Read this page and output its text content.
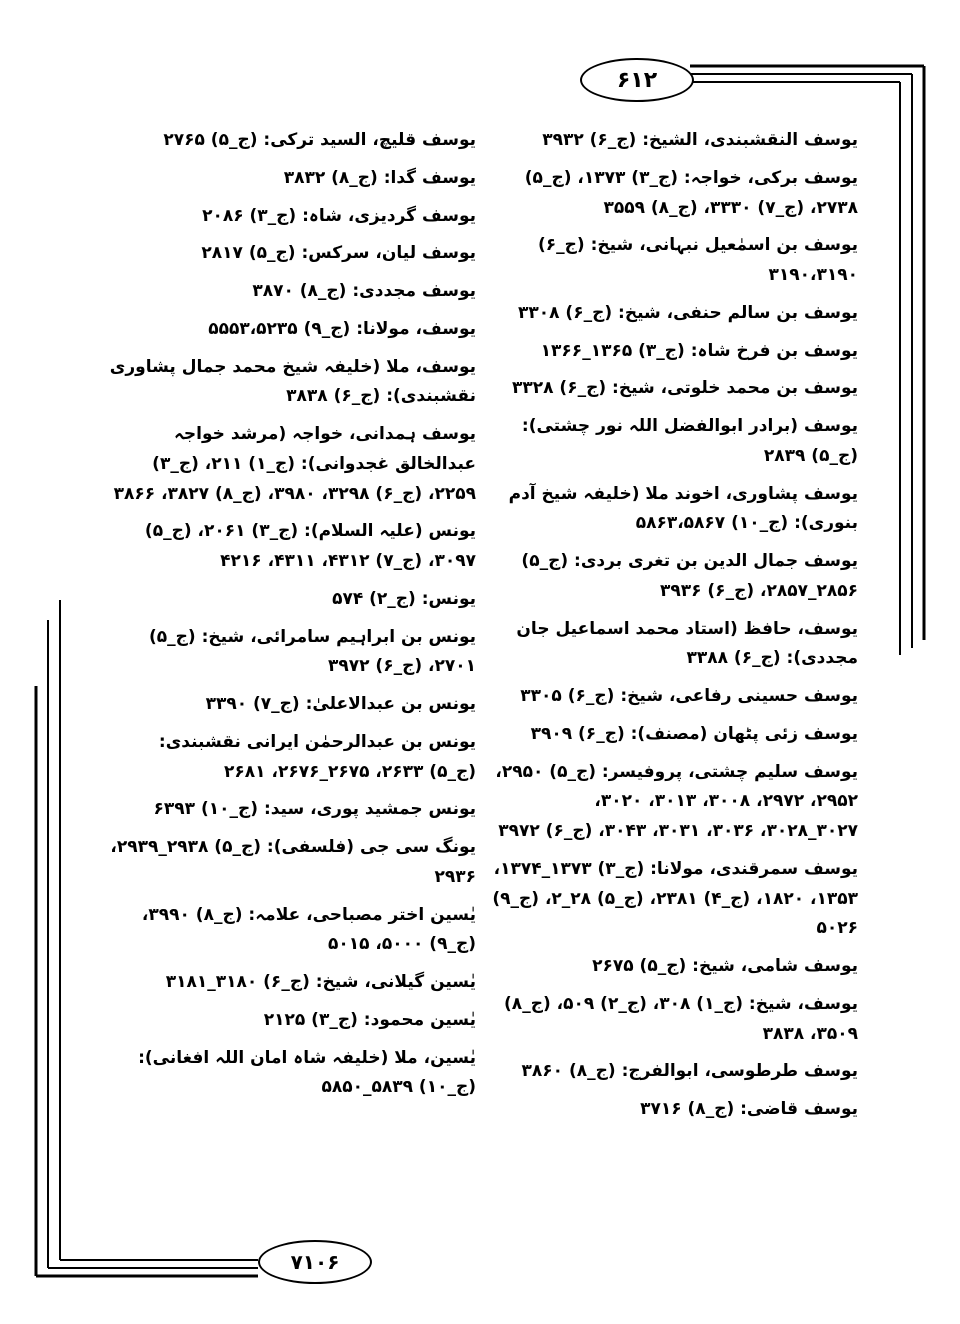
۶۱۲
۷۱۰۶

یوسف النقشبندی، الشیخ: (ج_۶) ۳۹۳۲

یوسف برکی، خواجہ: (ج_۳) ۱۳۷۳، (ج_۵) ۲۷۳۸، (ج_۷) ۳۳۳۰، (ج_۸) ۳۵۵۹

یوسف بن اسمٰعیل نبہانی، شیخ: (ج_۶) ۳۱۹۰،۳۱۹۰

یوسف بن سالم حنفی، شیخ: (ج_۶) ۳۳۰۸

یوسف بن فرخ شاہ: (ج_۳) ۱۳۶۵_۱۳۶۶

یوسف بن محمد خلوتی، شیخ: (ج_۶) ۳۳۲۸

یوسف (برادر ابوالفضل اللہ نور چشتی): (ج_۵) ۲۸۳۹

یوسف پشاوری، اخوند ملا (خلیفہ شیخ آدم بنوری): (ج_۱۰) ۵۸۶۳،۵۸۶۷

یوسف جمال الدین بن تغری بردی: (ج_۵) ۲۸۵۶_۲۸۵۷، (ج_۶) ۳۹۳۶

یوسف، حافظ (استاد محمد اسماعیل جان مجددی): (ج_۶) ۳۳۸۸

یوسف حسینی رفاعی، شیخ: (ج_۶) ۳۳۰۵

یوسف زئی پٹھان (مصنف): (ج_۶) ۳۹۰۹

یوسف سلیم چشتی، پروفیسر: (ج_۵) ۲۹۵۰، ۲۹۵۲، ۲۹۷۲، ۳۰۰۸، ۳۰۱۳، ۳۰۲۰، ۳۰۲۷_۳۰۲۸، ۳۰۳۶، ۳۰۳۱، ۳۰۴۳، (ج_۶) ۳۹۷۲

یوسف سمرقندی، مولانا: (ج_۳) ۱۳۷۳_۱۳۷۴، ۱۳۵۳، ۱۸۲۰، (ج_۴) ۲۳۸۱، (ج_۵) ۲۸_۲، (ج_۹) ۵۰۲۶

یوسف شامی، شیخ: (ج_۵) ۲۶۷۵

یوسف، شیخ: (ج_۱) ۳۰۸، (ج_۲) ۵۰۹، (ج_۸) ۳۵۰۹، ۳۸۳۸

یوسف طرطوسی، ابوالفرج: (ج_۸) ۳۸۶۰

یوسف قاضی: (ج_۸) ۳۷۱۶

یوسف قلیچ، السید ترکی: (ج_۵) ۲۷۶۵

یوسف گدا: (ج_۸) ۳۸۳۲

یوسف گردیزی، شاہ: (ج_۳) ۲۰۸۶

یوسف لیان، سرکس: (ج_۵) ۲۸۱۷

یوسف مجددی: (ج_۸) ۳۸۷۰

یوسف، مولانا: (ج_۹) ۵۵۵۳،۵۲۳۵

یوسف، ملا (خلیفہ شیخ محمد جمال پشاوری نقشبندی): (ج_۶) ۳۸۳۸

یوسف ہمدانی، خواجہ (مرشد خواجہ عبدالخالق غجدوانی): (ج_۱) ۲۱۱، (ج_۳) ۲۲۵۹، (ج_۶) ۳۲۹۸، ۳۹۸۰، (ج_۸) ۳۸۲۷، ۳۸۶۶

یونس (علیہ السلام): (ج_۳) ۲۰۶۱، (ج_۵) ۳۰۹۷، (ج_۷) ۴۳۱۲، ۴۳۱۱، ۴۲۱۶

یونس: (ج_۲) ۵۷۴

یونس بن ابراہیم سامرائی، شیخ: (ج_۵) ۲۷۰۱، (ج_۶) ۳۹۷۲

یونس بن عبدالاعلیٰ: (ج_۷) ۳۳۹۰

یونس بن عبدالرحمٰن ایرانی نقشبندی: (ج_۵) ۲۶۳۳، ۲۶۷۵_۲۶۷۶، ۲۶۸۱

یونس جمشید پوری، سید: (ج_۱۰) ۶۳۹۳

یونگ سی جی (فلسفی): (ج_۵) ۲۹۳۸_۲۹۳۹، ۲۹۳۶

یٰسین اختر مصباحی، علامہ: (ج_۸) ۳۹۹۰، (ج_۹) ۵۰۰۰، ۵۰۱۵

یٰسین گیلانی، شیخ: (ج_۶) ۳۱۸۰_۳۱۸۱

یٰسین محمود: (ج_۳) ۲۱۲۵

یٰسین، ملا (خلیفہ شاہ امان اللہ افغانی): (ج_۱۰) ۵۸۳۹_۵۸۵۰
